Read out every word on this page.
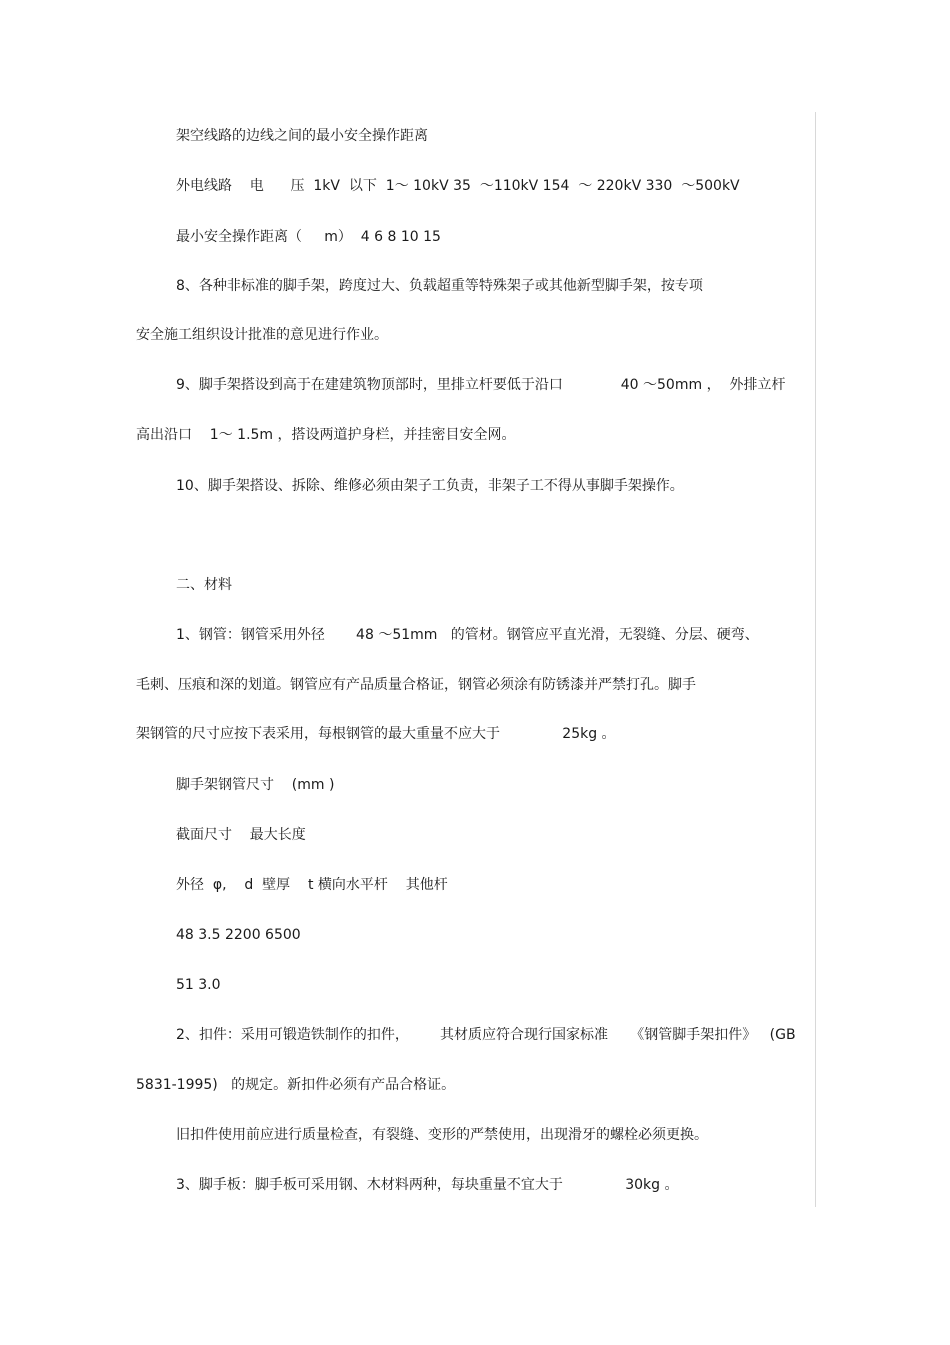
架空线路的边线之间的最小安全操作距离
外电线路    电      压  1kV  以下  1～ 10kV 35  ～110kV 154  ～ 220kV 330  ～500kV
最小安全操作距离（     m）  4 6 8 10 15
8、各种非标准的脚手架，跨度过大、负载超重等特殊架子或其他新型脚手架，按专项
安全施工组织设计批准的意见进行作业。
9、脚手架搭设到高于在建建筑物顶部时，里排立杆要低于沿口             40 ～50mm ，  外排立杆
高出沿口    1～ 1.5m ，搭设两道护身栏，并挂密目安全网。
10、脚手架搭设、拆除、维修必须由架子工负责，非架子工不得从事脚手架操作。
二、材料
1、钢管：钢管采用外径       48 ～51mm   的管材。钢管应平直光滑，无裂缝、分层、硬弯、
毛刺、压痕和深的划道。钢管应有产品质量合格证，钢管必须涂有防锈漆并严禁打孔。脚手
架钢管的尺寸应按下表采用，每根钢管的最大重量不应大于              25kg 。
脚手架钢管尺寸    (mm )
截面尺寸    最大长度
外径  φ,    d  壁厚    t 横向水平杆    其他杆
48 3.5 2200 6500
51 3.0
2、扣件：采用可锻造铁制作的扣件，       其材质应符合现行国家标准     《钢管脚手架扣件》   (GB
5831-1995)   的规定。新扣件必须有产品合格证。
旧扣件使用前应进行质量检查，有裂缝、变形的严禁使用，出现滑牙的螺栓必须更换。
3、脚手板：脚手板可采用钢、木材料两种，每块重量不宜大于              30kg 。
